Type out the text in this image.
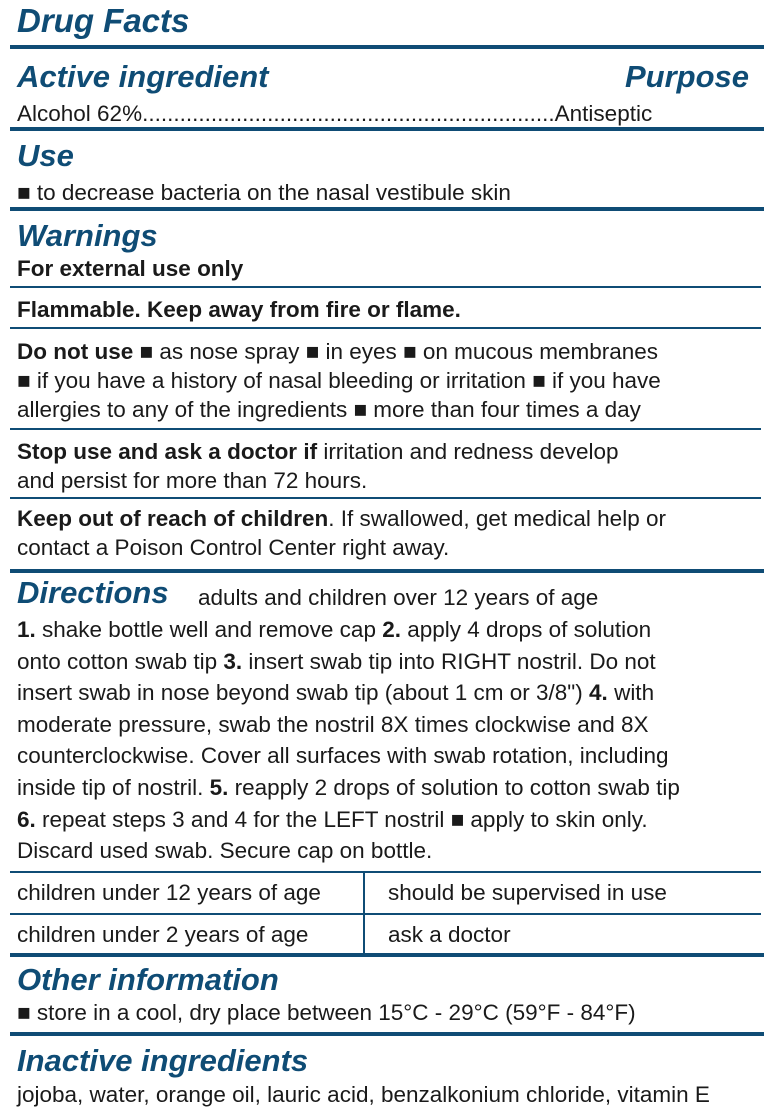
Drug Facts
Active ingredient	Purpose
Alcohol 62%..................................................................Antiseptic
Use
■ to decrease bacteria on the nasal vestibule skin
Warnings
For external use only
Flammable. Keep away from fire or flame.
Do not use ■ as nose spray ■ in eyes ■ on mucous membranes
■ if you have a history of nasal bleeding or irritation ■ if you have
allergies to any of the ingredients ■ more than four times a day
Stop use and ask a doctor if irritation and redness develop
and persist for more than 72 hours.
Keep out of reach of children. If swallowed, get medical help or
contact a Poison Control Center right away.
Directions adults and children over 12 years of age
1. shake bottle well and remove cap 2. apply 4 drops of solution
onto cotton swab tip 3. insert swab tip into RIGHT nostril. Do not
insert swab in nose beyond swab tip (about 1 cm or 3/8") 4. with
moderate pressure, swab the nostril 8X times clockwise and 8X
counterclockwise. Cover all surfaces with swab rotation, including
inside tip of nostril. 5. reapply 2 drops of solution to cotton swab tip
6. repeat steps 3 and 4 for the LEFT nostril ■ apply to skin only.
Discard used swab. Secure cap on bottle.
children under 12 years of age	should be supervised in use
children under 2 years of age	ask a doctor
Other information
■ store in a cool, dry place between 15°C - 29°C (59°F - 84°F)
Inactive ingredients
jojoba, water, orange oil, lauric acid, benzalkonium chloride, vitamin E
